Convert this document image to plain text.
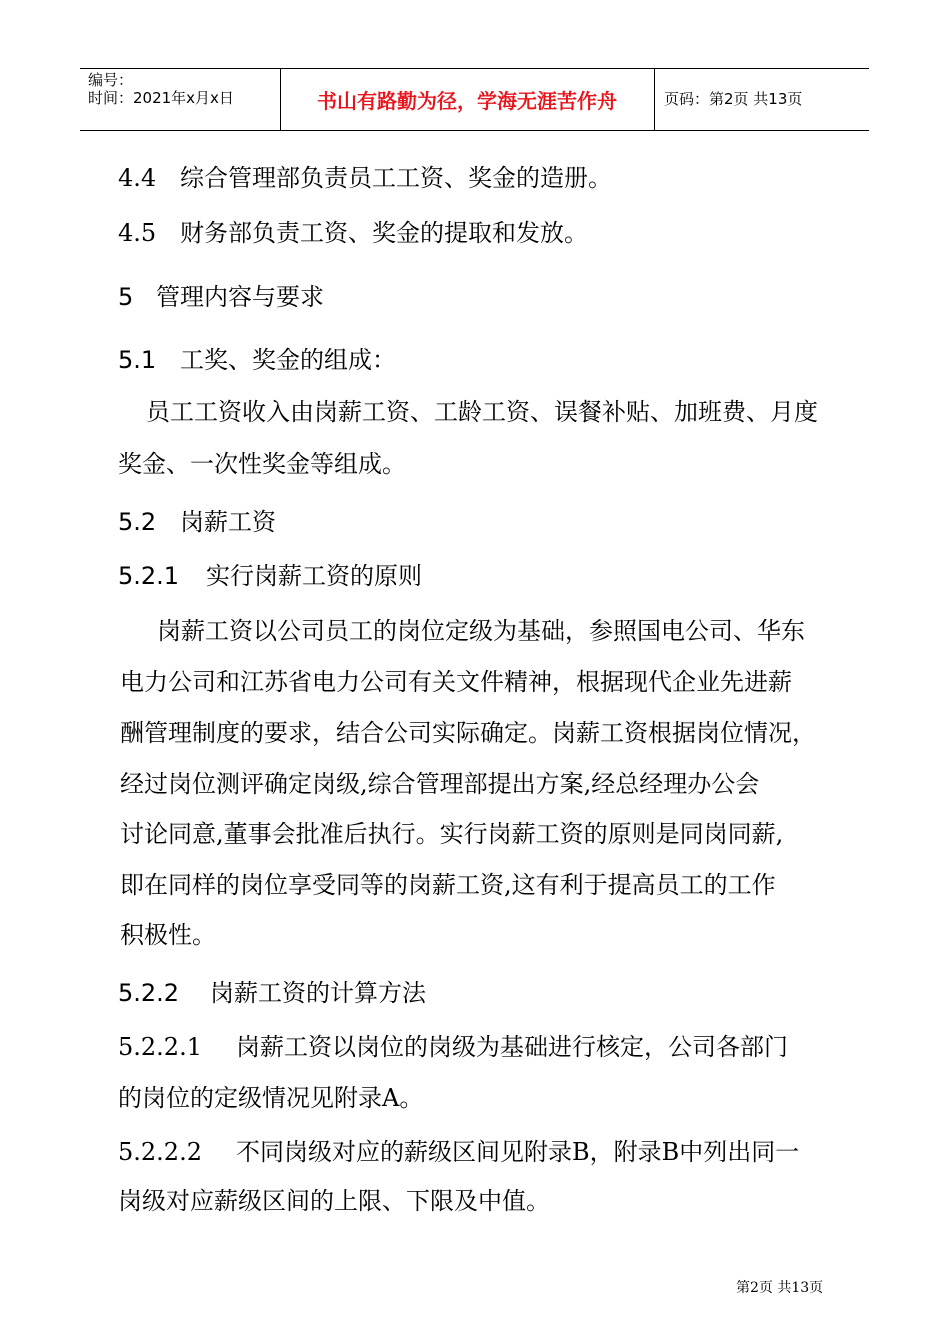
编号：
时间：2021年x月x日	书山有路勤为径，学海无涯苦作舟	页码：第2页 共13页
4.4 综合管理部负责员工工资、奖金的造册。
4.5 财务部负责工资、奖金的提取和发放。
5 管理内容与要求
5.1 工奖、奖金的组成：
员工工资收入由岗薪工资、工龄工资、误餐补贴、加班费、月度
奖金、一次性奖金等组成。
5.2 岗薪工资
5.2.1 实行岗薪工资的原则
岗薪工资以公司员工的岗位定级为基础，参照国电公司、华东
电力公司和江苏省电力公司有关文件精神，根据现代企业先进薪
酬管理制度的要求，结合公司实际确定。岗薪工资根据岗位情况，
经过岗位测评确定岗级,综合管理部提出方案,经总经理办公会
讨论同意,董事会批准后执行。实行岗薪工资的原则是同岗同薪,
即在同样的岗位享受同等的岗薪工资,这有利于提高员工的工作
积极性。
5.2.2 岗薪工资的计算方法
5.2.2.1 岗薪工资以岗位的岗级为基础进行核定，公司各部门
的岗位的定级情况见附录A。
5.2.2.2 不同岗级对应的薪级区间见附录B，附录B中列出同一
岗级对应薪级区间的上限、下限及中值。
第2页 共13页
